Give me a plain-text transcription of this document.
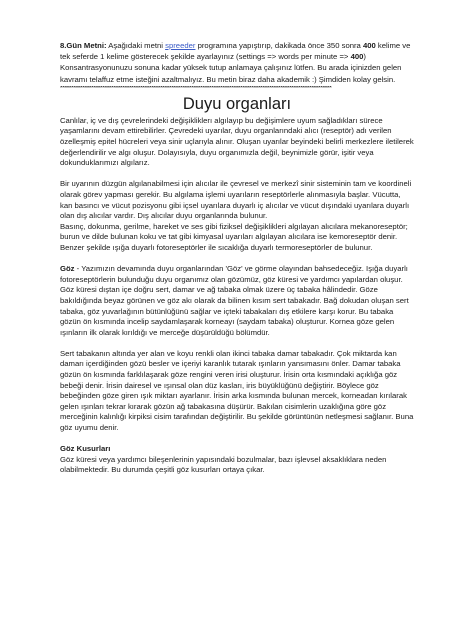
8.Gün Metni: Aşağıdaki metni spreeder programına yapıştırıp, dakikada önce 350 sonra 400 kelime ve tek seferde 1 kelime gösterecek şekilde ayarlayınız (settings => words per minute => 400) Konsantrasyonunuzu sonuna kadar yüksek tutup anlamaya çalışınız lütfen. Bu arada içinizden gelen kavramı telaffuz etme isteğini azaltmalıyız. Bu metin biraz daha akademik :) Şimdiden kolay gelsin.

**************************************************************************************************************************
Duyu organları

Canlılar, iç ve dış çevrelerindeki değişikliklerı algılayıp bu değişimlere uyum sağladıkları sürece yaşamlarını devam ettirebilirler. Çevredeki uyarılar, duyu organlarındaki alıcı (reseptör) adı verilen özelleşmiş epitel hücreleri veya sinir uçlarıyla alınır. Oluşan uyarılar beyindeki belirli merkezlere iletilerek değerlendirilir ve algı oluşur. Dolayısıyla, duyu organımızla değil, beynimizle görür, işitir veya dokunduklarımızı algılarız.

Bir uyarının düzgün algılanabilmesi için alıcılar ile çevresel ve merkezî sinir sisteminin tam ve koordineli olarak görev yapması gerekir. Bu algılama işlemi uyarıların reseptörlerle alınmasıyla başlar. Vücutta, kan basıncı ve vücut pozisyonu gibi içsel uyarılara duyarlı iç alıcılar ve vücut dışındaki uyarılara duyarlı olan dış alıcılar vardır. Dış alıcılar duyu organlarında bulunur.

Basınç, dokunma, gerilme, hareket ve ses gibi fiziksel değişiklikleri algılayan alıcılara mekanoreseptör; burun ve dilde bulunan koku ve tat gibi kimyasal uyarıları algılayan alıcılara ise kemoreseptör denir. Benzer şekilde ışığa duyarlı fotoreseptörler ile sıcaklığa duyarlı termoreseptörler de bulunur.

Göz - Yazımızın devamında duyu organlarından 'Göz' ve görme olayından bahsedeceğiz. Işığa duyarlı fotoreseptörlerin bulunduğu duyu organımız olan gözümüz, göz küresi ve yardımcı yapılardan oluşur.

Göz küresi dıştan içe doğru sert, damar ve ağ tabaka olmak üzere üç tabaka hâlindedir. Göze bakıldığında beyaz görünen ve göz akı olarak da bilinen kısım sert tabakadır. Bağ dokudan oluşan sert tabaka, göz yuvarlağının bütünlüğünü sağlar ve içteki tabakaları dış etkilere karşı korur. Bu tabaka gözün ön kısmında incelip saydamlaşarak korneayı (saydam tabaka) oluşturur. Kornea göze gelen ışınların ilk olarak kırıldığı ve merceğe düşürüldüğü bölümdür.

Sert tabakanın altında yer alan ve koyu renkli olan ikinci tabaka damar tabakadır. Çok miktarda kan damarı içerdiğinden gözü besler ve içeriyi karanlık tutarak ışınların yansımasını önler. Damar tabaka gözün ön kısmında farklılaşarak göze rengini veren irisi oluşturur. İrisin orta kısmındaki açıklığa göz bebeği denir. İrisin dairesel ve ışınsal olan düz kasları, iris büyüklüğünü değiştirir. Böylece göz bebeğinden göze giren ışık miktarı ayarlanır. İrisin arka kısmında bulunan mercek, korneadan kırılarak gelen ışınları tekrar kırarak gözün ağ tabakasına düşürür. Bakılan cisimlerin uzaklığına göre göz merceğinin kalınlığı kirpiksi cisim tarafından değiştirilir. Bu şekilde görüntünün netleşmesi sağlanır. Buna göz uyumu denir.

Göz Kusurları

Göz küresi veya yardımcı bileşenlerinin yapısındaki bozulmalar, bazı işlevsel aksaklıklara neden olabilmektedir. Bu durumda çeşitli göz kusurları ortaya çıkar.
